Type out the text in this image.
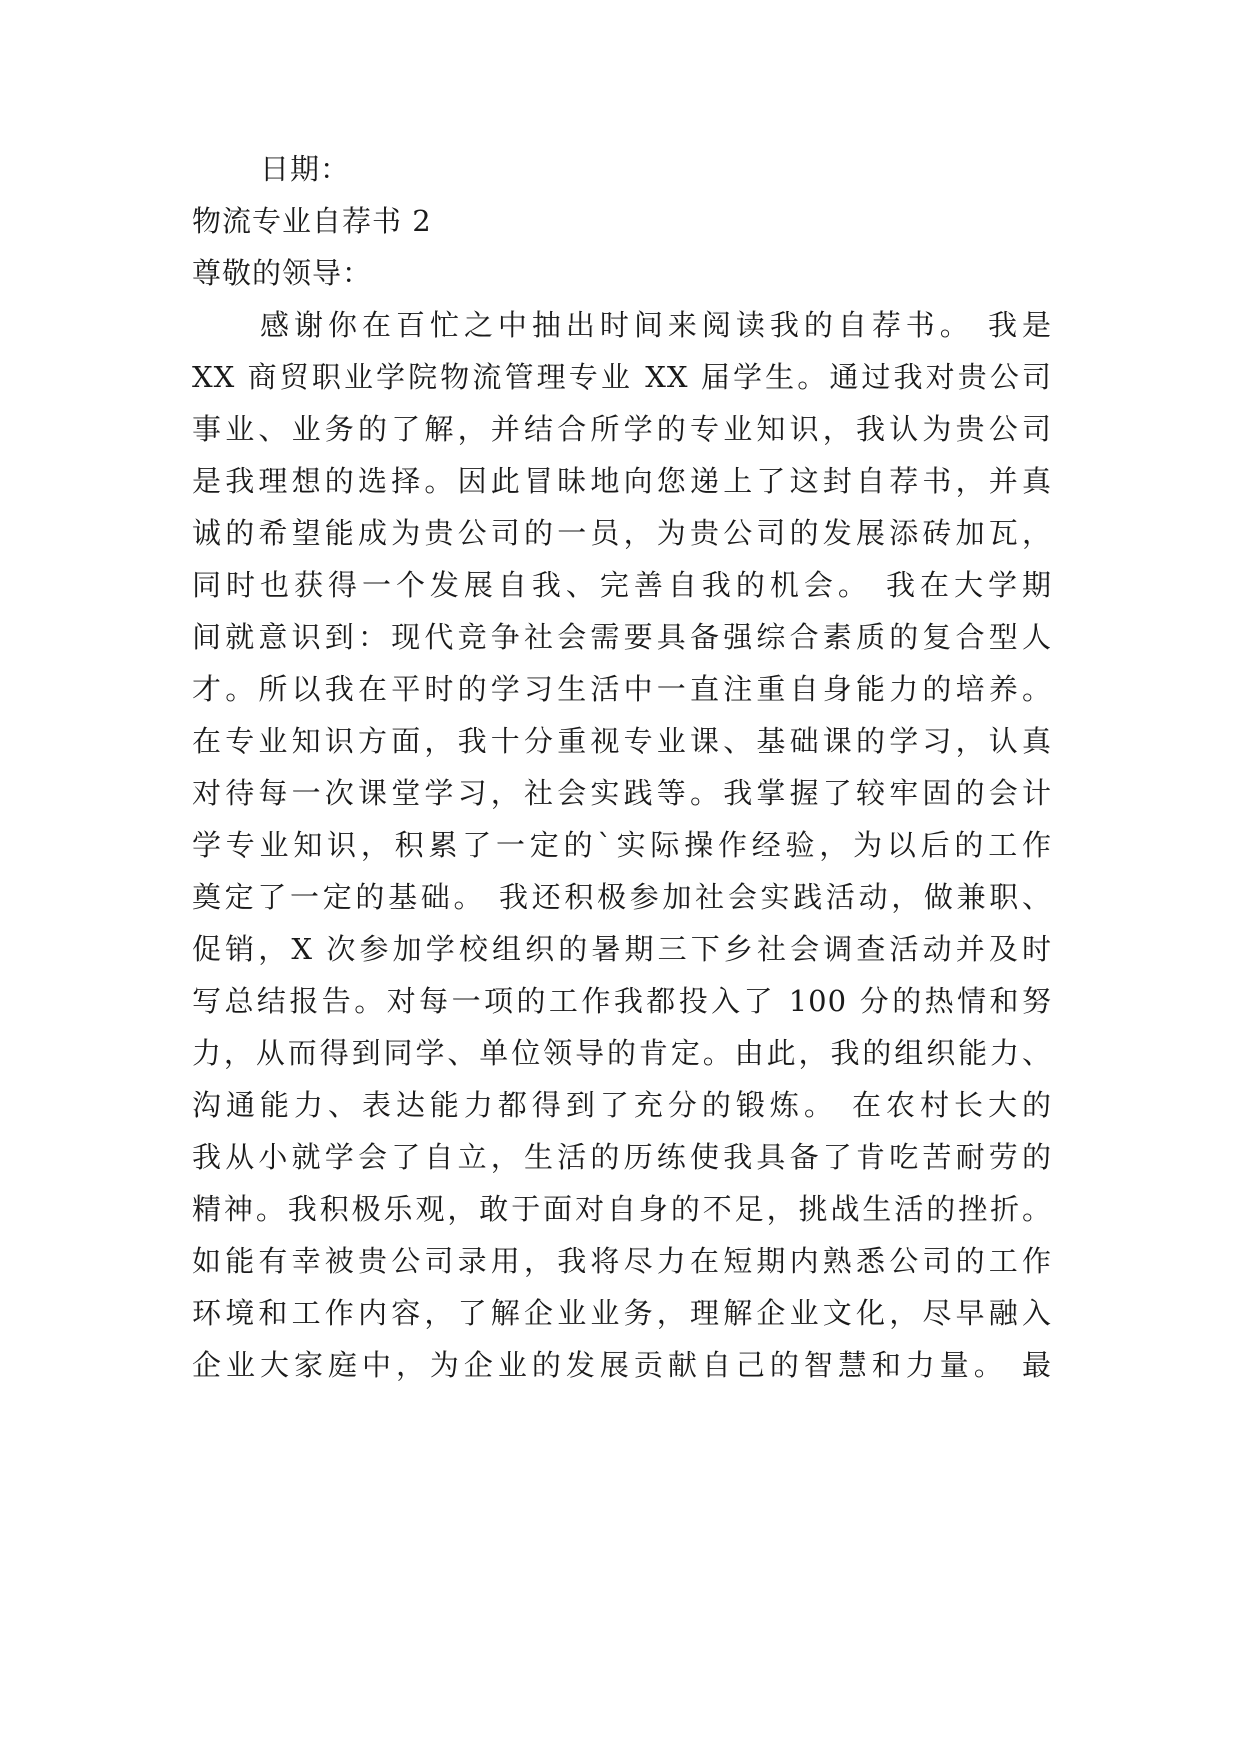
日期：
物流专业自荐书 2
尊敬的领导：
感谢你在百忙之中抽出时间来阅读我的自荐书。 我是
XX 商贸职业学院物流管理专业 XX 届学生。通过我对贵公司
事业、业务的了解，并结合所学的专业知识，我认为贵公司
是我理想的选择。因此冒昧地向您递上了这封自荐书，并真
诚的希望能成为贵公司的一员，为贵公司的发展添砖加瓦，
同时也获得一个发展自我、完善自我的机会。 我在大学期
间就意识到：现代竞争社会需要具备强综合素质的复合型人
才。所以我在平时的学习生活中一直注重自身能力的培养。
在专业知识方面，我十分重视专业课、基础课的学习，认真
对待每一次课堂学习，社会实践等。我掌握了较牢固的会计
学专业知识，积累了一定的`实际操作经验，为以后的工作
奠定了一定的基础。 我还积极参加社会实践活动，做兼职、
促销，X 次参加学校组织的暑期三下乡社会调查活动并及时
写总结报告。对每一项的工作我都投入了 100 分的热情和努
力，从而得到同学、单位领导的肯定。由此，我的组织能力、
沟通能力、表达能力都得到了充分的锻炼。 在农村长大的
我从小就学会了自立，生活的历练使我具备了肯吃苦耐劳的
精神。我积极乐观，敢于面对自身的不足，挑战生活的挫折。
如能有幸被贵公司录用，我将尽力在短期内熟悉公司的工作
环境和工作内容，了解企业业务，理解企业文化，尽早融入
企业大家庭中，为企业的发展贡献自己的智慧和力量。 最
